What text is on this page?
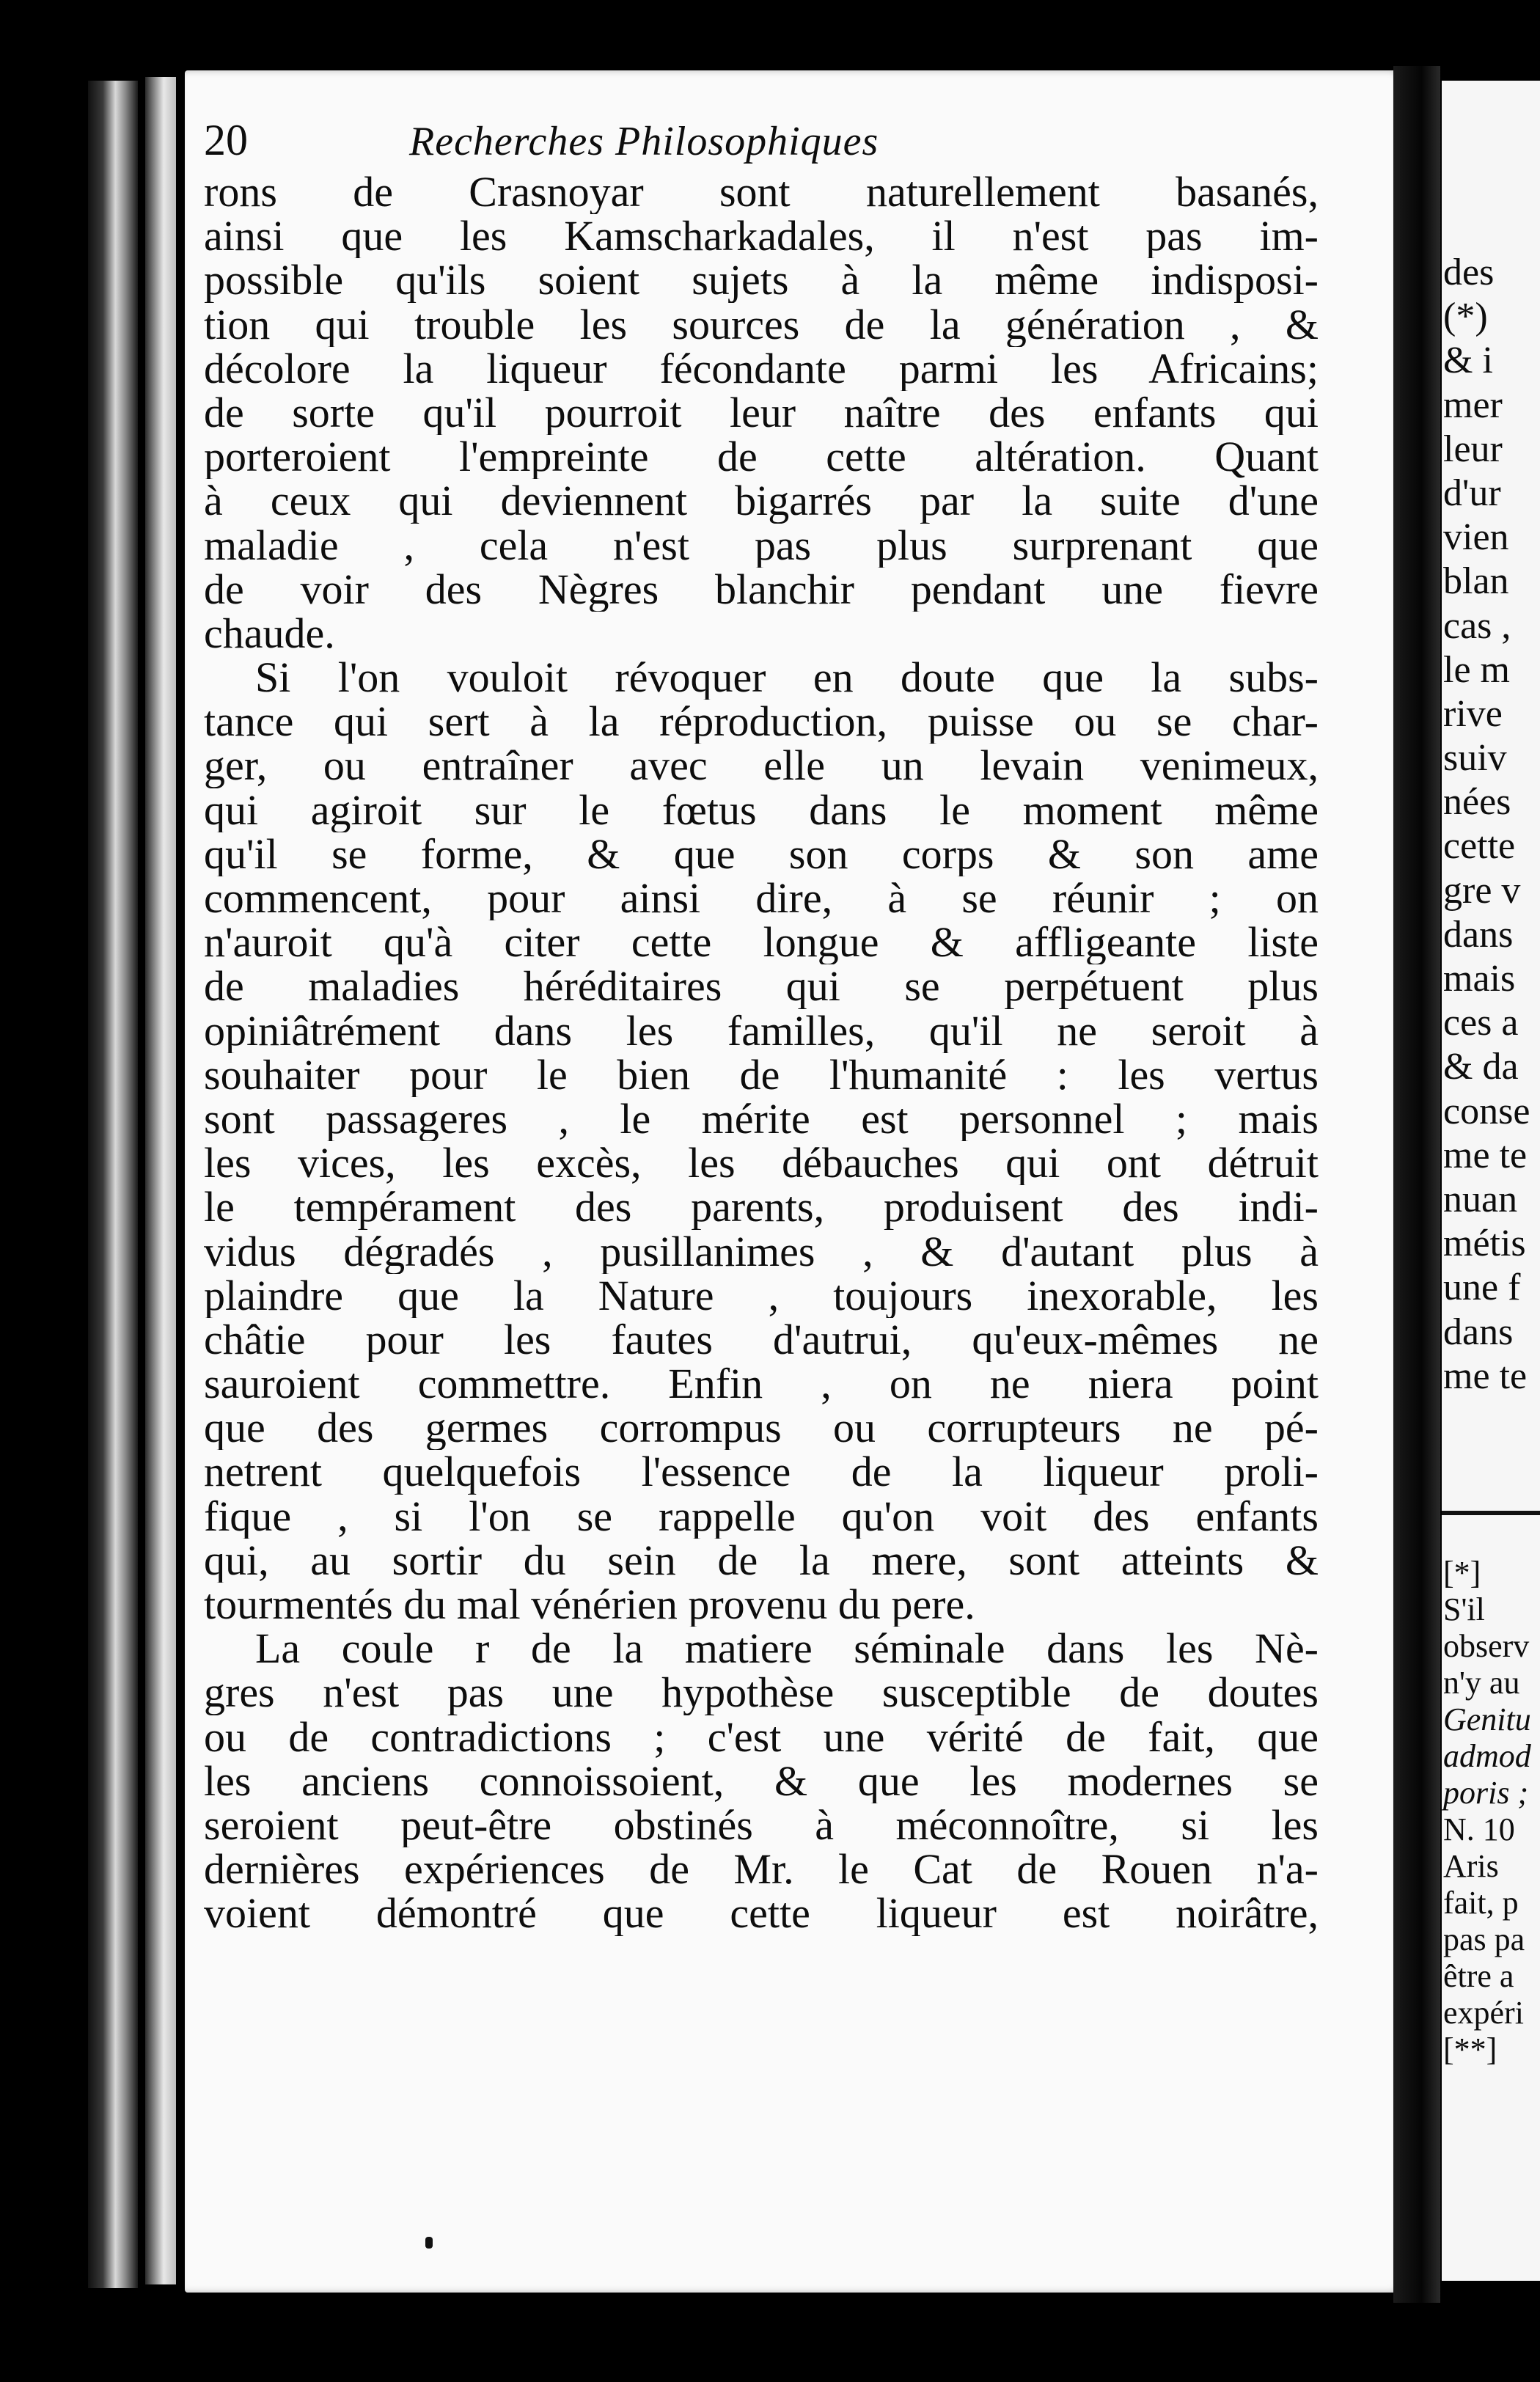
20	Recherches Philosophiques
rons de Crasnoyar sont naturellement basanés,
ainsi que les Kamscharkadales, il n'est pas im-
possible qu'ils soient sujets à la même indisposi-
tion qui trouble les sources de la génération , &
décolore la liqueur fécondante parmi les Africains;
de sorte qu'il pourroit leur naître des enfants qui
porteroient l'empreinte de cette altération. Quant
à ceux qui deviennent bigarrés par la suite d'une
maladie , cela n'est pas plus surprenant que
de voir des Nègres blanchir pendant une fievre
chaude.
Si l'on vouloit révoquer en doute que la subs-
tance qui sert à la réproduction, puisse ou se char-
ger, ou entraîner avec elle un levain venimeux,
qui agiroit sur le fœtus dans le moment même
qu'il se forme, & que son corps & son ame
commencent, pour ainsi dire, à se réunir ; on
n'auroit qu'à citer cette longue & affligeante liste
de maladies héréditaires qui se perpétuent plus
opiniâtrément dans les familles, qu'il ne seroit à
souhaiter pour le bien de l'humanité : les vertus
sont passageres , le mérite est personnel ; mais
les vices, les excès, les débauches qui ont détruit
le tempérament des parents, produisent des indi-
vidus dégradés , pusillanimes , & d'autant plus à
plaindre que la Nature , toujours inexorable, les
châtie pour les fautes d'autrui, qu'eux-mêmes ne
sauroient commettre. Enfin , on ne niera point
que des germes corrompus ou corrupteurs ne pé-
netrent quelquefois l'essence de la liqueur proli-
fique , si l'on se rappelle qu'on voit des enfants
qui, au sortir du sein de la mere, sont atteints &
tourmentés du mal vénérien provenu du pere.
La coule r de la matiere séminale dans les Nè-
gres n'est pas une hypothèse susceptible de doutes
ou de contradictions ; c'est une vérité de fait, que
les anciens connoissoient, & que les modernes se
seroient peut-être obstinés à méconnoître, si les
dernières expériences de Mr. le Cat de Rouen n'a-
voient démontré que cette liqueur est noirâtre,
des
(*)
& i
mer
leur
d'ur
vien
blan
cas ,
le m
rive
suiv
nées
cette
gre v
dans
mais
ces a
& da
conse
me te
nuan
métis
une f
dans
me te
[*]
S'il
observ
n'y au
Genitu
admod
poris ;
N. 10
Aris
fait, p
pas pa
être a
expéri
[**]
